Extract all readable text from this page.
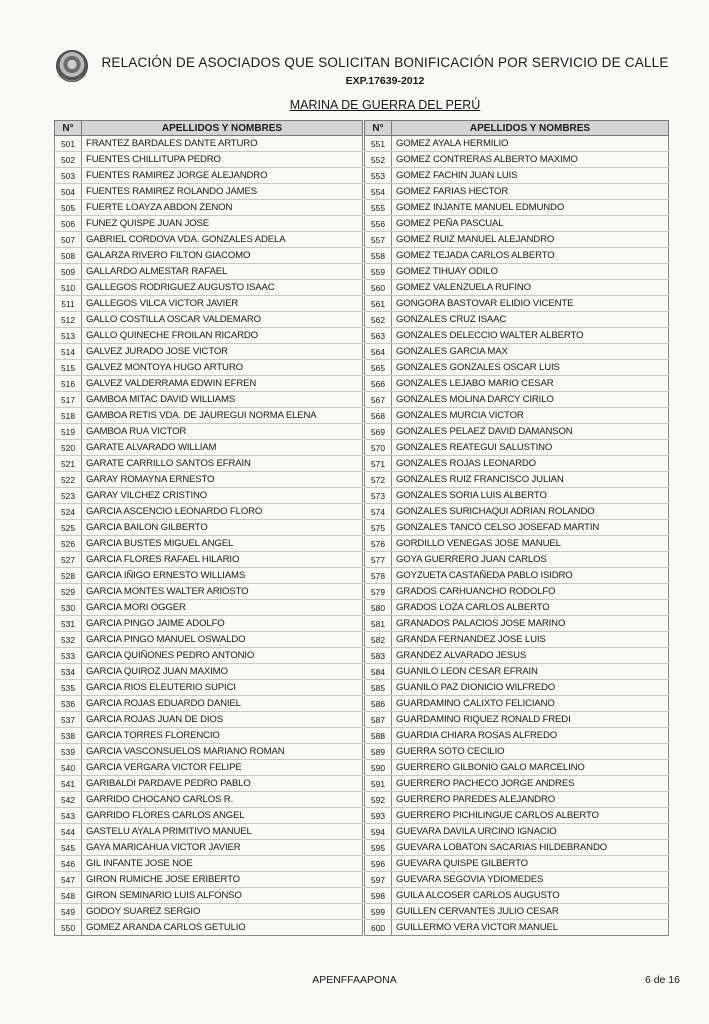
RELACIÓN DE ASOCIADOS QUE SOLICITAN BONIFICACIÓN POR SERVICIO DE CALLE
EXP.17639-2012
MARINA DE GUERRA DEL PERÚ
N°	APELLIDOS Y NOMBRES
501	FRANTEZ BARDALES DANTE ARTURO
502	FUENTES CHILLITUPA PEDRO
503	FUENTES RAMIREZ JORGE ALEJANDRO
504	FUENTES RAMIREZ ROLANDO JAMES
505	FUERTE LOAYZA ABDON ZENON
506	FUNEZ QUISPE JUAN JOSE
507	GABRIEL CORDOVA VDA. GONZALES ADELA
508	GALARZA RIVERO FILTON GIACOMO
509	GALLARDO ALMESTAR RAFAEL
510	GALLEGOS RODRIGUEZ AUGUSTO ISAAC
511	GALLEGOS VILCA VICTOR JAVIER
512	GALLO COSTILLA OSCAR VALDEMARO
513	GALLO QUINECHE FROILAN RICARDO
514	GALVEZ JURADO JOSE VICTOR
515	GALVEZ MONTOYA HUGO ARTURO
516	GALVEZ VALDERRAMA EDWIN EFREN
517	GAMBOA MITAC DAVID WILLIAMS
518	GAMBOA RETIS VDA. DE JAUREGUI NORMA ELENA
519	GAMBOA RUA VICTOR
520	GARATE ALVARADO WILLIAM
521	GARATE CARRILLO SANTOS EFRAIN
522	GARAY ROMAYNA ERNESTO
523	GARAY VILCHEZ CRISTINO
524	GARCIA ASCENCIO LEONARDO FLORO
525	GARCIA BAILON GILBERTO
526	GARCIA BUSTES MIGUEL ANGEL
527	GARCIA FLORES RAFAEL HILARIO
528	GARCIA IÑIGO ERNESTO WILLIAMS
529	GARCIA MONTES WALTER ARIOSTO
530	GARCIA MORI OGGER
531	GARCIA PINGO JAIME ADOLFO
532	GARCIA PINGO MANUEL OSWALDO
533	GARCIA QUIÑONES PEDRO ANTONIO
534	GARCIA QUIROZ JUAN MAXIMO
535	GARCIA RIOS ELEUTERIO SUPICI
536	GARCIA ROJAS EDUARDO DANIEL
537	GARCIA ROJAS JUAN DE DIOS
538	GARCIA TORRES FLORENCIO
539	GARCIA VASCONSUELOS MARIANO ROMAN
540	GARCIA VERGARA VICTOR FELIPE
541	GARIBALDI PARDAVE PEDRO PABLO
542	GARRIDO CHOCANO CARLOS R.
543	GARRIDO FLORES CARLOS ANGEL
544	GASTELU AYALA PRIMITIVO MANUEL
545	GAYA MARICAHUA VICTOR JAVIER
546	GIL INFANTE JOSE NOE
547	GIRON RUMICHE JOSE ERIBERTO
548	GIRON SEMINARIO LUIS ALFONSO
549	GODOY SUAREZ SERGIO
550	GOMEZ ARANDA CARLOS GETULIO
N°	APELLIDOS Y NOMBRES
551	GOMEZ AYALA HERMILIO
552	GOMEZ CONTRERAS ALBERTO MAXIMO
553	GOMEZ FACHIN JUAN LUIS
554	GOMEZ FARIAS HECTOR
555	GOMEZ INJANTE MANUEL EDMUNDO
556	GOMEZ PEÑA PASCUAL
557	GOMEZ RUIZ MANUEL ALEJANDRO
558	GOMEZ TEJADA CARLOS ALBERTO
559	GOMEZ TIHUAY ODILO
560	GOMEZ VALENZUELA RUFINO
561	GONGORA BASTOVAR ELIDIO VICENTE
562	GONZALES CRUZ ISAAC
563	GONZALES DELECCIO WALTER ALBERTO
564	GONZALES GARCIA MAX
565	GONZALES GONZALES OSCAR LUIS
566	GONZALES LEJABO MARIO CESAR
567	GONZALES MOLINA DARCY CIRILO
568	GONZALES MURCIA VICTOR
569	GONZALES PELAEZ DAVID DAMANSON
570	GONZALES REATEGUI SALUSTINO
571	GONZALES ROJAS LEONARDO
572	GONZALES RUIZ FRANCISCO JULIAN
573	GONZALES SORIA LUIS ALBERTO
574	GONZALES SURICHAQUI ADRIAN ROLANDO
575	GONZALES TANCO CELSO JOSEFAD MARTIN
576	GORDILLO VENEGAS JOSE MANUEL
577	GOYA GUERRERO JUAN CARLOS
578	GOYZUETA CASTAÑEDA PABLO ISIDRO
579	GRADOS CARHUANCHO RODOLFO
580	GRADOS LOZA CARLOS ALBERTO
581	GRANADOS PALACIOS JOSE MARINO
582	GRANDA FERNANDEZ JOSE LUIS
583	GRANDEZ ALVARADO JESUS
584	GUANILO LEON CESAR EFRAIN
585	GUANILO PAZ DIONICIO WILFREDO
586	GUARDAMINO CALIXTO FELICIANO
587	GUARDAMINO RIQUEZ RONALD FREDI
588	GUARDIA CHIARA ROSAS ALFREDO
589	GUERRA SOTO CECILIO
590	GUERRERO GILBONIO GALO MARCELINO
591	GUERRERO PACHECO JORGE ANDRES
592	GUERRERO PAREDES ALEJANDRO
593	GUERRERO PICHILINGUE CARLOS ALBERTO
594	GUEVARA DAVILA URCINO IGNACIO
595	GUEVARA LOBATON SACARIAS HILDEBRANDO
596	GUEVARA QUISPE GILBERTO
597	GUEVARA SEGOVIA YDIOMEDES
598	GUILA ALCOSER CARLOS AUGUSTO
599	GUILLEN CERVANTES JULIO CESAR
600	GUILLERMO VERA VICTOR MANUEL
APENFFAAPONA	6 de 16
